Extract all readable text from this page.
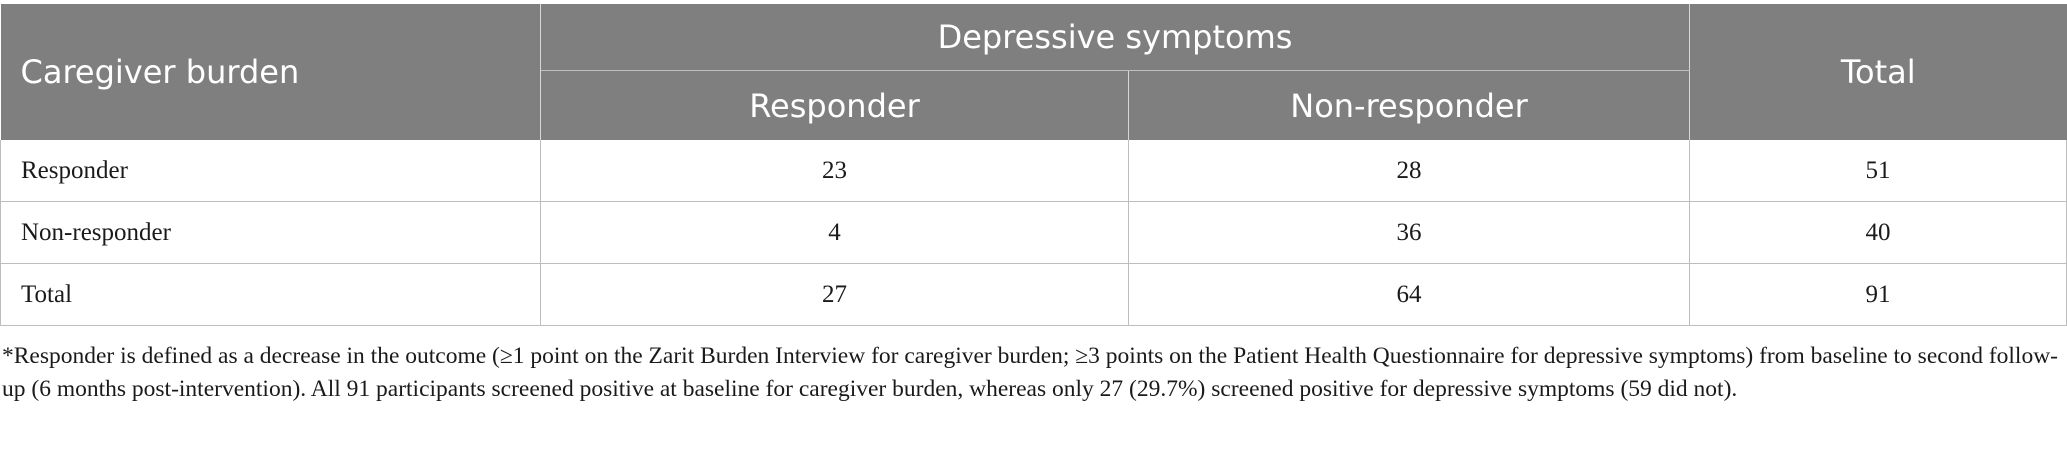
Caregiver burden	Depressive symptoms		Total
	Responder	Non-responder	
Responder	23	28	51
Non-responder	4	36	40
Total	27	64	91

*Responder is defined as a decrease in the outcome (≥1 point on the Zarit Burden Interview for caregiver burden; ≥3 points on the Patient Health Questionnaire for depressive symptoms) from baseline to second follow-up (6 months post-intervention). All 91 participants screened positive at baseline for caregiver burden, whereas only 27 (29.7%) screened positive for depressive symptoms (59 did not).
